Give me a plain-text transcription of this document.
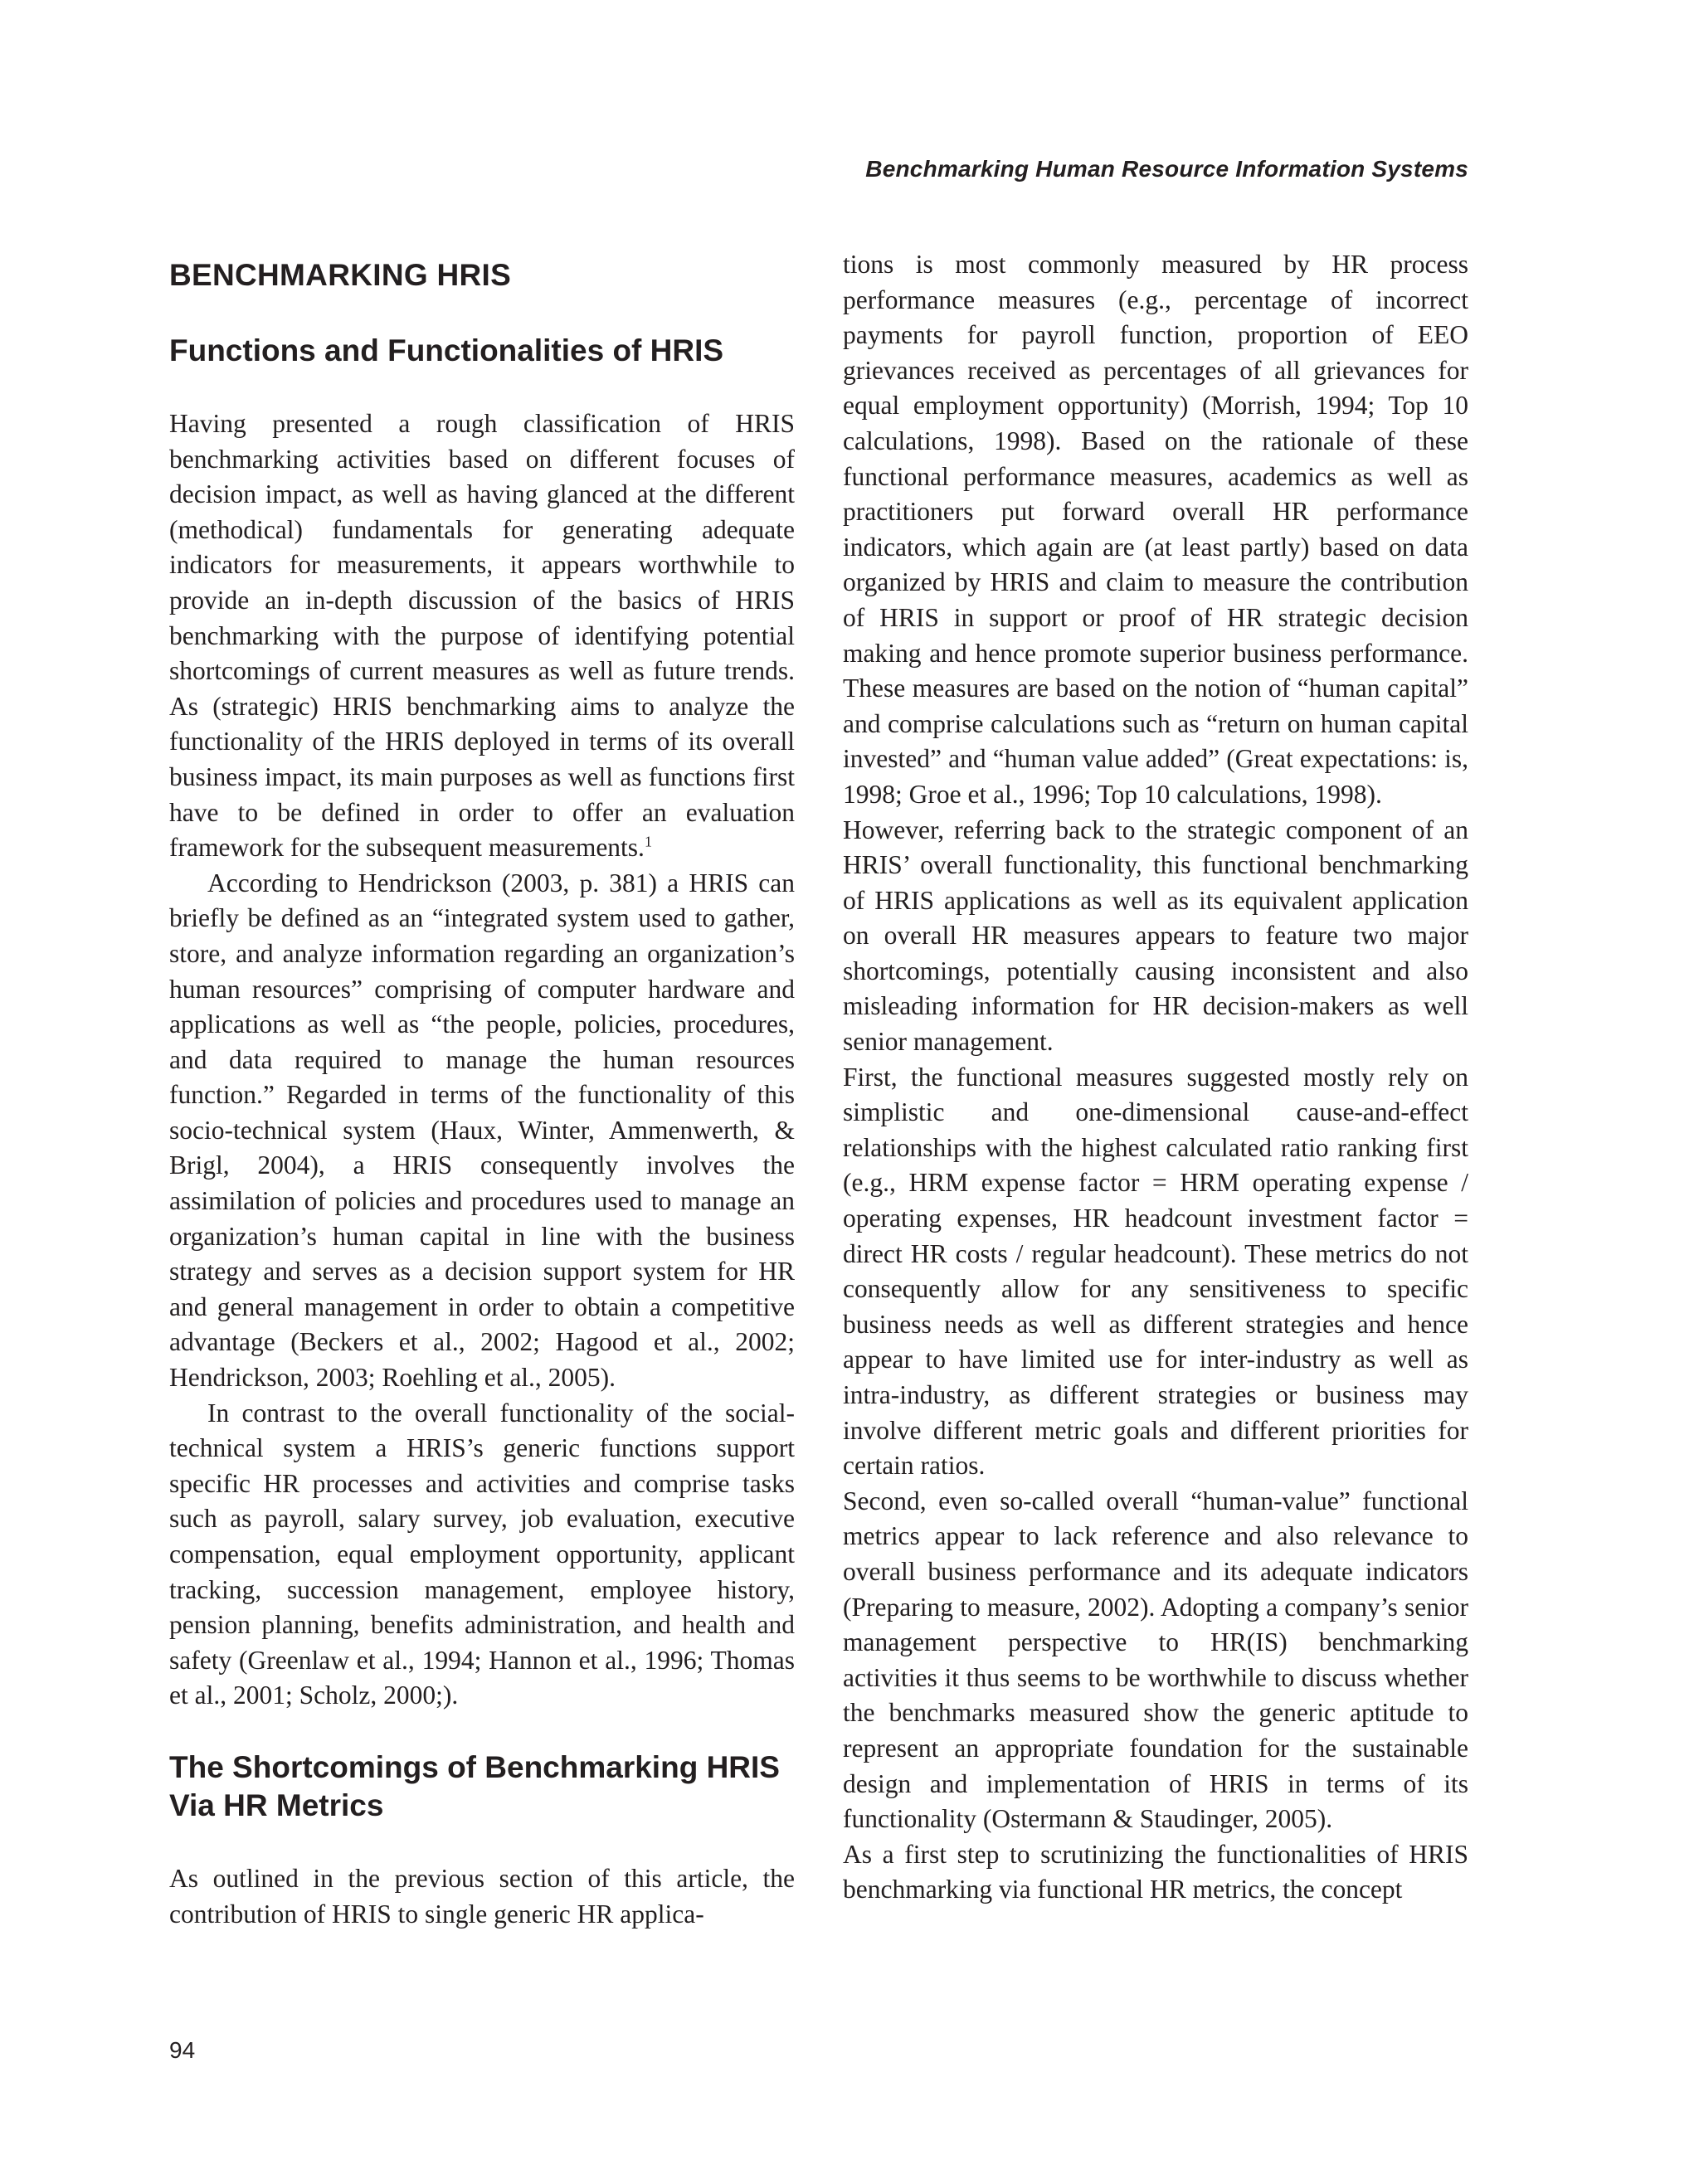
Benchmarking Human Resource Information Systems
BENCHMARKING HRIS
Functions and Functionalities of HRIS

Having presented a rough classification of HRIS benchmarking activities based on different focuses of decision impact, as well as having glanced at the different (methodical) fundamentals for generating adequate indicators for measurements, it appears worthwhile to provide an in-depth discussion of the basics of HRIS benchmarking with the purpose of identifying potential shortcomings of current measures as well as future trends. As (strategic) HRIS benchmarking aims to analyze the functionality of the HRIS deployed in terms of its overall business impact, its main purposes as well as functions first have to be defined in order to offer an evaluation framework for the subsequent measurements.$^1$

According to Hendrickson (2003, p. 381) a HRIS can briefly be defined as an “integrated system used to gather, store, and analyze information regarding an organization’s human resources” comprising of computer hardware and applications as well as “the people, policies, procedures, and data required to manage the human resources function.” Regarded in terms of the functionality of this socio-technical system (Haux, Winter, Ammenwerth, & Brigl, 2004), a HRIS consequently involves the assimilation of policies and procedures used to manage an organization’s human capital in line with the business strategy and serves as a decision support system for HR and general management in order to obtain a competitive advantage (Beckers et al., 2002; Hagood et al., 2002; Hendrickson, 2003; Roehling et al., 2005).

In contrast to the overall functionality of the social-technical system a HRIS’s generic functions support specific HR processes and activities and comprise tasks such as payroll, salary survey, job evaluation, executive compensation, equal employment opportunity, applicant tracking, succession management, employee history, pension planning, benefits administration, and health and safety (Greenlaw et al., 1994; Hannon et al., 1996; Thomas et al., 2001; Scholz, 2000;).

The Shortcomings of Benchmarking HRIS Via HR Metrics

As outlined in the previous section of this article, the contribution of HRIS to single generic HR applica-

tions is most commonly measured by HR process performance measures (e.g., percentage of incorrect payments for payroll function, proportion of EEO grievances received as percentages of all grievances for equal employment opportunity) (Morrish, 1994; Top 10 calculations, 1998). Based on the rationale of these functional performance measures, academics as well as practitioners put forward overall HR performance indicators, which again are (at least partly) based on data organized by HRIS and claim to measure the contribution of HRIS in support or proof of HR strategic decision making and hence promote superior business performance. These measures are based on the notion of “human capital” and comprise calculations such as “return on human capital invested” and “human value added” (Great expectations: is, 1998; Groe et al., 1996; Top 10 calculations, 1998).

However, referring back to the strategic component of an HRIS’ overall functionality, this functional benchmarking of HRIS applications as well as its equivalent application on overall HR measures appears to feature two major shortcomings, potentially causing inconsistent and also misleading information for HR decision-makers as well senior management.

First, the functional measures suggested mostly rely on simplistic and one-dimensional cause-and-effect relationships with the highest calculated ratio ranking first (e.g., HRM expense factor = HRM operating expense / operating expenses, HR headcount investment factor = direct HR costs / regular headcount). These metrics do not consequently allow for any sensitiveness to specific business needs as well as different strategies and hence appear to have limited use for inter-industry as well as intra-industry, as different strategies or business may involve different metric goals and different priorities for certain ratios.

Second, even so-called overall “human-value” functional metrics appear to lack reference and also relevance to overall business performance and its adequate indicators (Preparing to measure, 2002). Adopting a company’s senior management perspective to HR(IS) benchmarking activities it thus seems to be worthwhile to discuss whether the benchmarks measured show the generic aptitude to represent an appropriate foundation for the sustainable design and implementation of HRIS in terms of its functionality (Ostermann & Staudinger, 2005).

As a first step to scrutinizing the functionalities of HRIS benchmarking via functional HR metrics, the concept

94
